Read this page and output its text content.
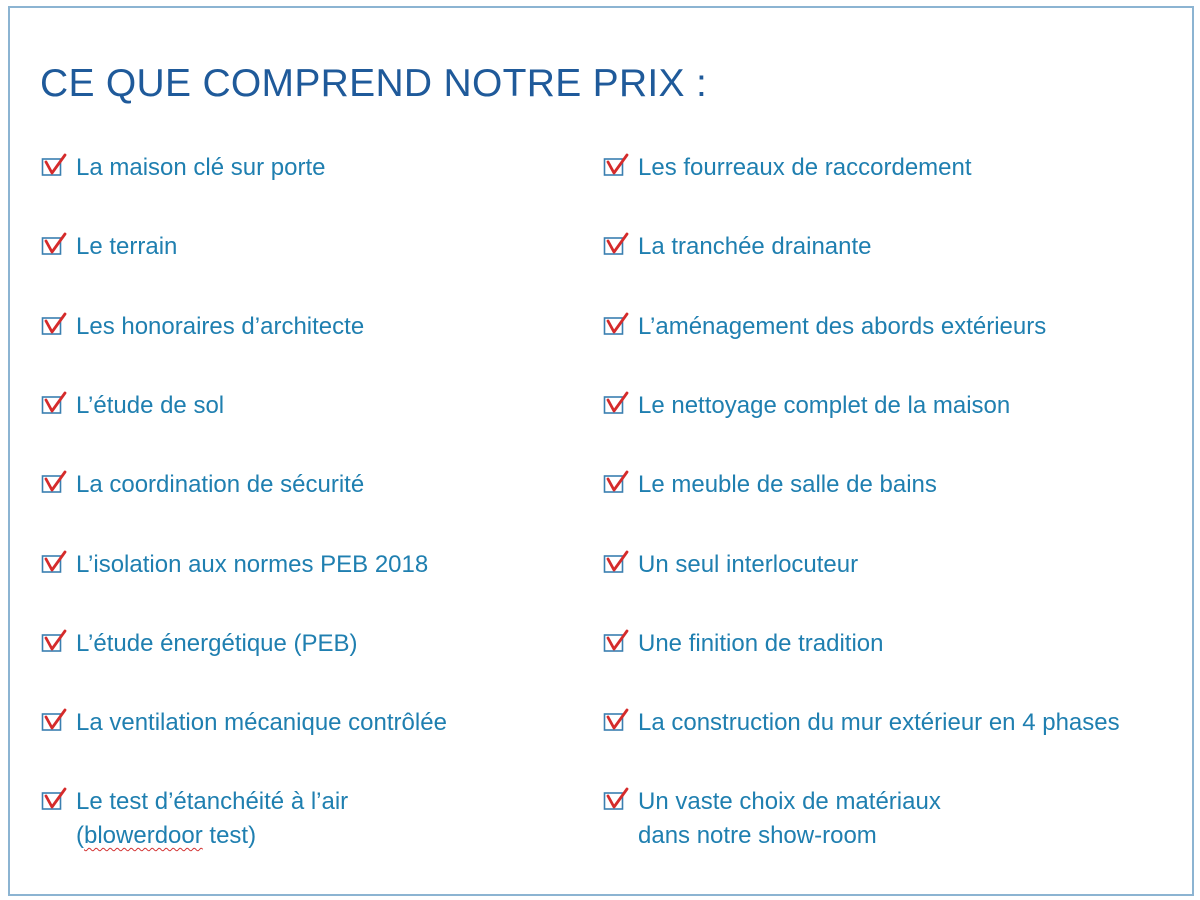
CE QUE COMPREND NOTRE PRIX :
La maison clé sur porte
Le terrain
Les honoraires d’architecte
L’étude de sol
La coordination de sécurité
L’isolation aux normes PEB 2018
L’étude énergétique (PEB)
La ventilation mécanique contrôlée
Le test d’étanchéité à l’air
(blowerdoor test)
Les fourreaux de raccordement
La tranchée drainante
L’aménagement des abords extérieurs
Le nettoyage complet de la maison
Le meuble de salle de bains
Un seul interlocuteur
Une finition de tradition
La construction du mur extérieur en 4 phases
Un vaste choix de matériaux
dans notre show-room
